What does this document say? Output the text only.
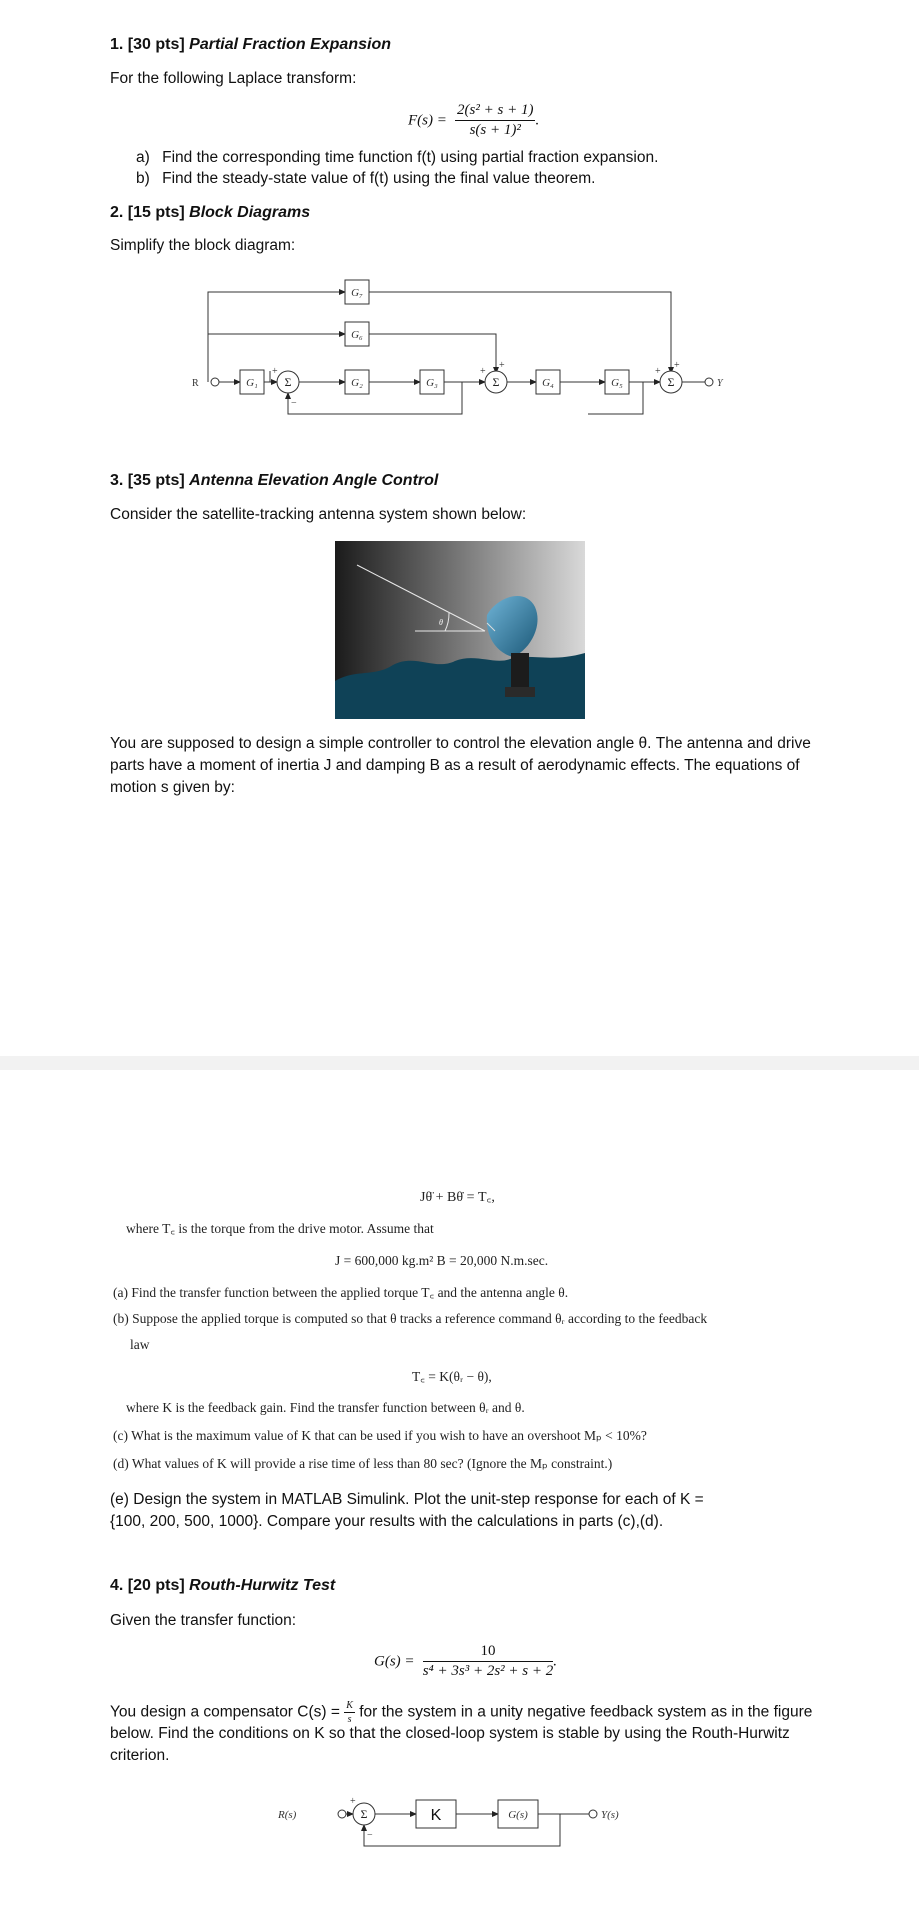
1. [30 pts] Partial Fraction Expansion
For the following Laplace transform:
$F(s) = \frac{\text{2(s² + s + 1)}}{\text{s(s + 1)²}}$ .
a) Find the corresponding time function f(t) using partial fraction expansion.
b) Find the steady-state value of f(t) using the final value theorem.
2. [15 pts] Block Diagrams
Simplify the block diagram:
G₁	G₂	G₃	G₄	G₅
G₆
G₇
Σ	Σ	Σ
+
−
+
+
+
+
R	Y
3. [35 pts] Antenna Elevation Angle Control
Consider the satellite-tracking antenna system shown below:
θ
You are supposed to design a simple controller to control the elevation angle θ. The antenna and drive parts have a moment of inertia J and damping B as a result of aerodynamic effects. The equations of motion s given by:
Jθ̈ + Bθ̇ = T꜀,
where T꜀ is the torque from the drive motor. Assume that
J = 600,000 kg.m² B = 20,000 N.m.sec.
(a) Find the transfer function between the applied torque T꜀ and the antenna angle θ.
(b) Suppose the applied torque is computed so that θ tracks a reference command θᵣ according to the feedback
law
T꜀ = K(θᵣ − θ),
where K is the feedback gain. Find the transfer function between θᵣ and θ.
(c) What is the maximum value of K that can be used if you wish to have an overshoot Mₚ < 10%?
(d) What values of K will provide a rise time of less than 80 sec? (Ignore the Mₚ constraint.)
(e) Design the system in MATLAB Simulink. Plot the unit-step response for each of K =
{100, 200, 500, 1000}. Compare your results with the calculations in parts (c),(d).
4. [20 pts] Routh-Hurwitz Test
Given the transfer function:
$G(s) = \frac{10}{\text{s⁴ + 3s³ + 2s² + s + 2}}$ .
You design a compensator $C(s) = \frac{K}{s}$ for the system in a unity negative feedback system as in the figure
below. Find the conditions on K so that the closed-loop system is stable by using the Routh-Hurwitz
criterion.
Σ
+
−
K	G(s)
R(s)	Y(s)
